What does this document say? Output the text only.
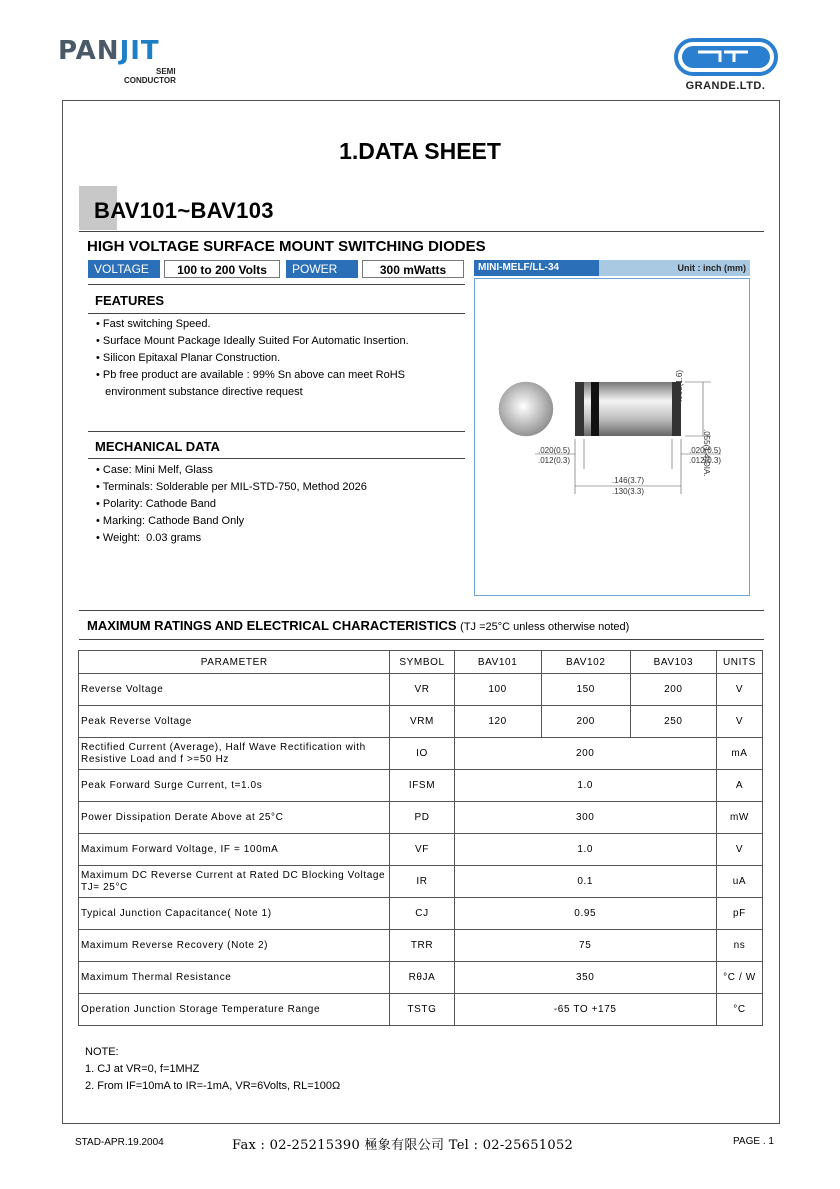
PANJIT
SEMI
CONDUCTOR	GRANDE.LTD.
1.DATA SHEET
BAV101~BAV103
HIGH VOLTAGE SURFACE MOUNT SWITCHING DIODES
VOLTAGE	100 to 200 Volts	POWER	300 mWatts
FEATURES
• Fast switching Speed.
• Surface Mount Package Ideally Suited For Automatic Insertion.
• Silicon Epitaxal Planar Construction.
• Pb free product are available : 99% Sn above can meet RoHS
environment substance directive request
MECHANICAL DATA
• Case: Mini Melf, Glass
• Terminals: Solderable per MIL-STD-750, Method 2026
• Polarity: Cathode Band
• Marking: Cathode Band Only
• Weight:  0.03 grams
MINI-MELF/LL-34	Unit : inch (mm)
.020(0.5)
.012(0.3)
.020(0.5)
.012(0.3)
.146(3.7)
.130(3.3)
.063(1.6)
.055(1.4)DIA.
MAXIMUM RATINGS AND ELECTRICAL CHARACTERISTICS (TJ =25°C unless otherwise noted)
PARAMETER	SYMBOL	BAV101	BAV102	BAV103	UNITS
Reverse Voltage	VR	100	150	200	V
Peak Reverse Voltage	VRM	120	200	250	V
Rectified Current (Average), Half Wave Rectification with Resistive Load and f >=50 Hz	IO	200			mA
Peak Forward Surge Current, t=1.0s	IFSM	1.0			A
Power Dissipation Derate Above at 25°C	PD	300			mW
Maximum Forward Voltage, IF = 100mA	VF	1.0			V
Maximum DC Reverse Current at Rated DC Blocking Voltage TJ= 25°C	IR	0.1			uA
Typical Junction Capacitance( Note 1)	CJ	0.95			pF
Maximum Reverse Recovery (Note 2)	TRR	75			ns
Maximum Thermal Resistance	RθJA	350			°C / W
Operation Junction Storage Temperature Range	TSTG	-65 TO +175			°C
NOTE:
1. CJ at VR=0, f=1MHZ
2. From IF=10mA to IR=-1mA, VR=6Volts, RL=100Ω
STAD-APR.19.2004	Fax : 02-25215390 極象有限公司 Tel : 02-25651052	PAGE . 1
